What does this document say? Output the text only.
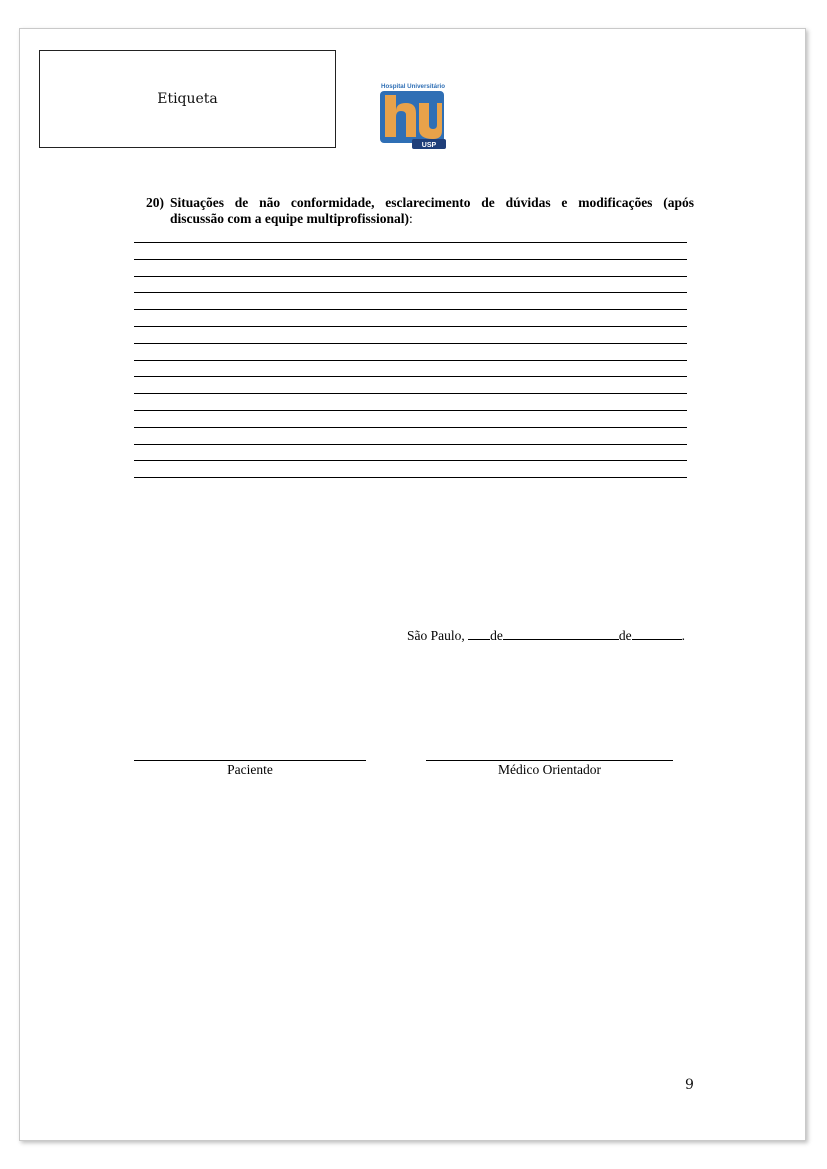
Etiqueta
Hospital Universitário
USP
hu
20) Situações de não conformidade, esclarecimento de dúvidas e modificações (após
discussão com a equipe multiprofissional):
São Paulo, de	de	.
Paciente	Médico Orientador
9
